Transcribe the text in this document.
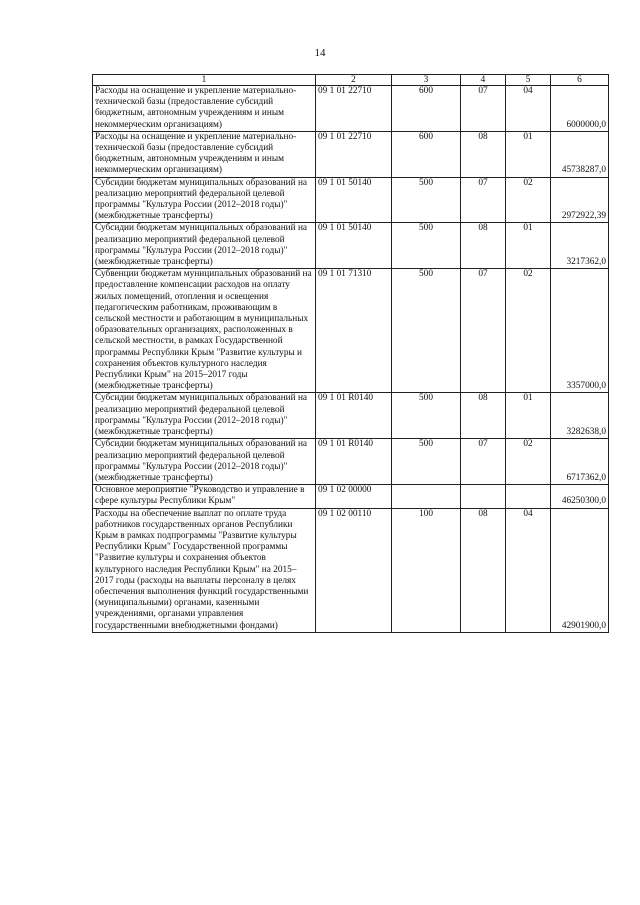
14
1	2	3	4	5	6
Расходы на оснащение и укрепление материально-технической базы (предоставление субсидий бюджетным, автономным учреждениям и иным некоммерческим организациям)	09 1 01 22710	600	07	04	6000000,0
Расходы на оснащение и укрепление материально-технической базы (предоставление субсидий бюджетным, автономным учреждениям и иным некоммерческим организациям)	09 1 01 22710	600	08	01	45738287,0
Субсидии бюджетам муниципальных образований на реализацию мероприятий федеральной целевой программы "Культура России (2012–2018 годы)" (межбюджетные трансферты)	09 1 01 50140	500	07	02	2972922,39
Субсидии бюджетам муниципальных образований на реализацию мероприятий федеральной целевой программы "Культура России (2012–2018 годы)" (межбюджетные трансферты)	09 1 01 50140	500	08	01	3217362,0
Субвенции бюджетам муниципальных образований на предоставление компенсации расходов на оплату жилых помещений, отопления и освещения педагогическим работникам, проживающим в сельской местности и работающим в муниципальных образовательных организациях, расположенных в сельской местности, в рамках Государственной программы Республики Крым "Развитие культуры и сохранения объектов культурного наследия Республики Крым" на 2015–2017 годы (межбюджетные трансферты)	09 1 01 71310	500	07	02	3357000,0
Субсидии бюджетам муниципальных образований на реализацию мероприятий федеральной целевой программы "Культура России (2012–2018 годы)" (межбюджетные трансферты)	09 1 01 R0140	500	08	01	3282638,0
Субсидии бюджетам муниципальных образований на реализацию мероприятий федеральной целевой программы "Культура России (2012–2018 годы)" (межбюджетные трансферты)	09 1 01 R0140	500	07	02	6717362,0
Основное мероприятие "Руководство и управление в сфере культуры Республики Крым"	09 1 02 00000				46250300,0
Расходы на обеспечение выплат по оплате труда работников государственных органов Республики Крым в рамках подпрограммы "Развитие культуры Республики Крым" Государственной программы "Развитие культуры и сохранения объектов культурного наследия Республики Крым" на 2015–2017 годы (расходы на выплаты персоналу в целях обеспечения выполнения функций государственными (муниципальными) органами, казенными учреждениями, органами управления государственными внебюджетными фондами)	09 1 02 00110	100	08	04	42901900,0
